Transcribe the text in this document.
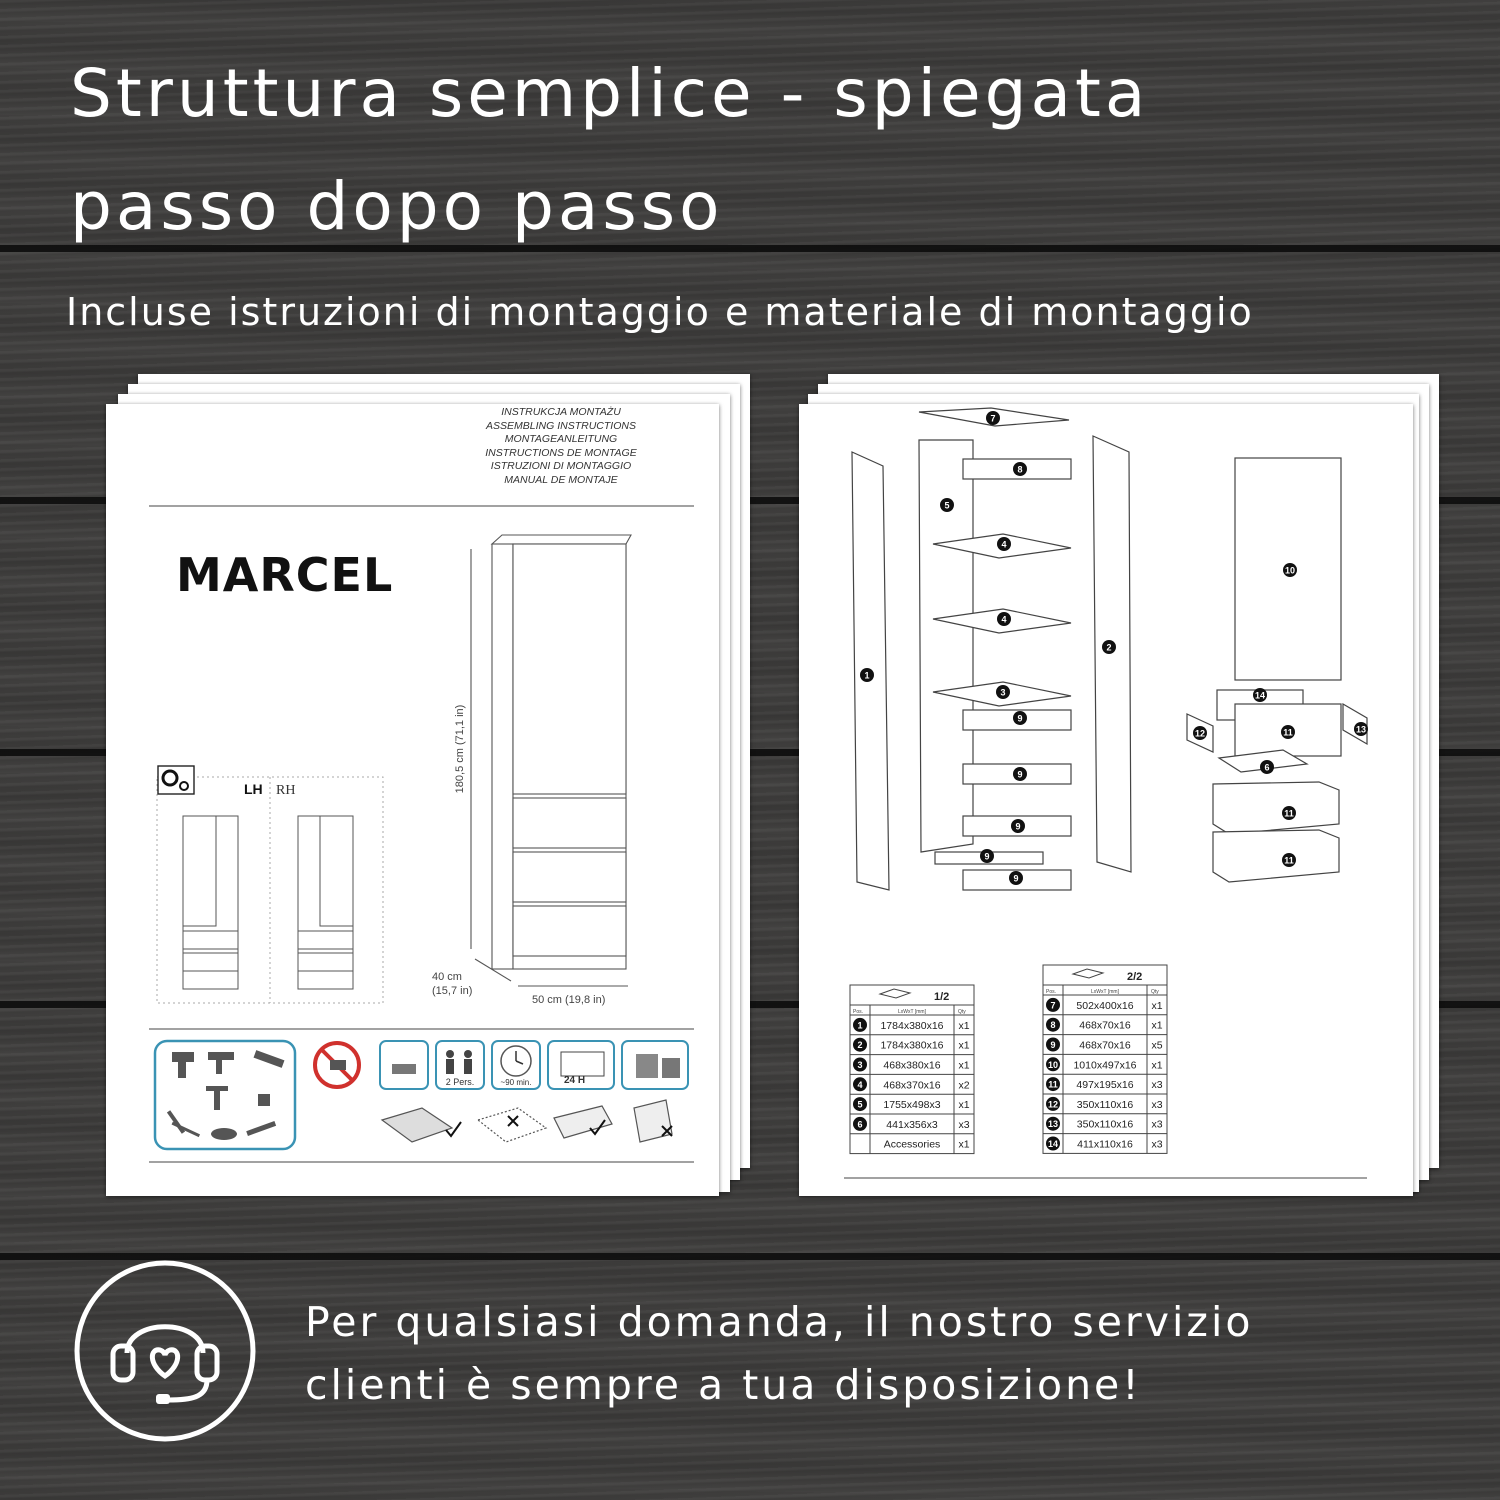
Struttura semplice - spiegata
passo dopo passo
Incluse istruzioni di montaggio e materiale di montaggio
INSTRUKCJA MONTAŻU
ASSEMBLING INSTRUCTIONS
MONTAGEANLEITUNG
INSTRUCTIONS DE MONTAGE
ISTRUZIONI DI MONTAGGIO
MANUAL DE MONTAJE
MARCEL
180,5 cm (71,1 in)
40 cm
(15,7 in)
50 cm (19,8 in)
LH RH
2 Pers.	~90 min.	24 H
7
8
5
4
4
3
9
9
9
9
9
1
2
10
14
11
12	13
6
11
11
1/2
Pos.	LxWxT [mm]	Qty
1 1784x380x16 x1
2 1784x380x16 x1
3 468x380x16 x1
4 468x370x16 x2
5 1755x498x3 x1
6 441x356x3 x3
Accessories x1
2/2
Pos.	LxWxT [mm]	Qty
7 502x400x16 x1
8 468x70x16 x1
9 468x70x16 x5
10 1010x497x16 x1
11 497x195x16 x3
12 350x110x16 x3
13 350x110x16 x3
14 411x110x16 x3
Per qualsiasi domanda, il nostro servizio
clienti è sempre a tua disposizione!
